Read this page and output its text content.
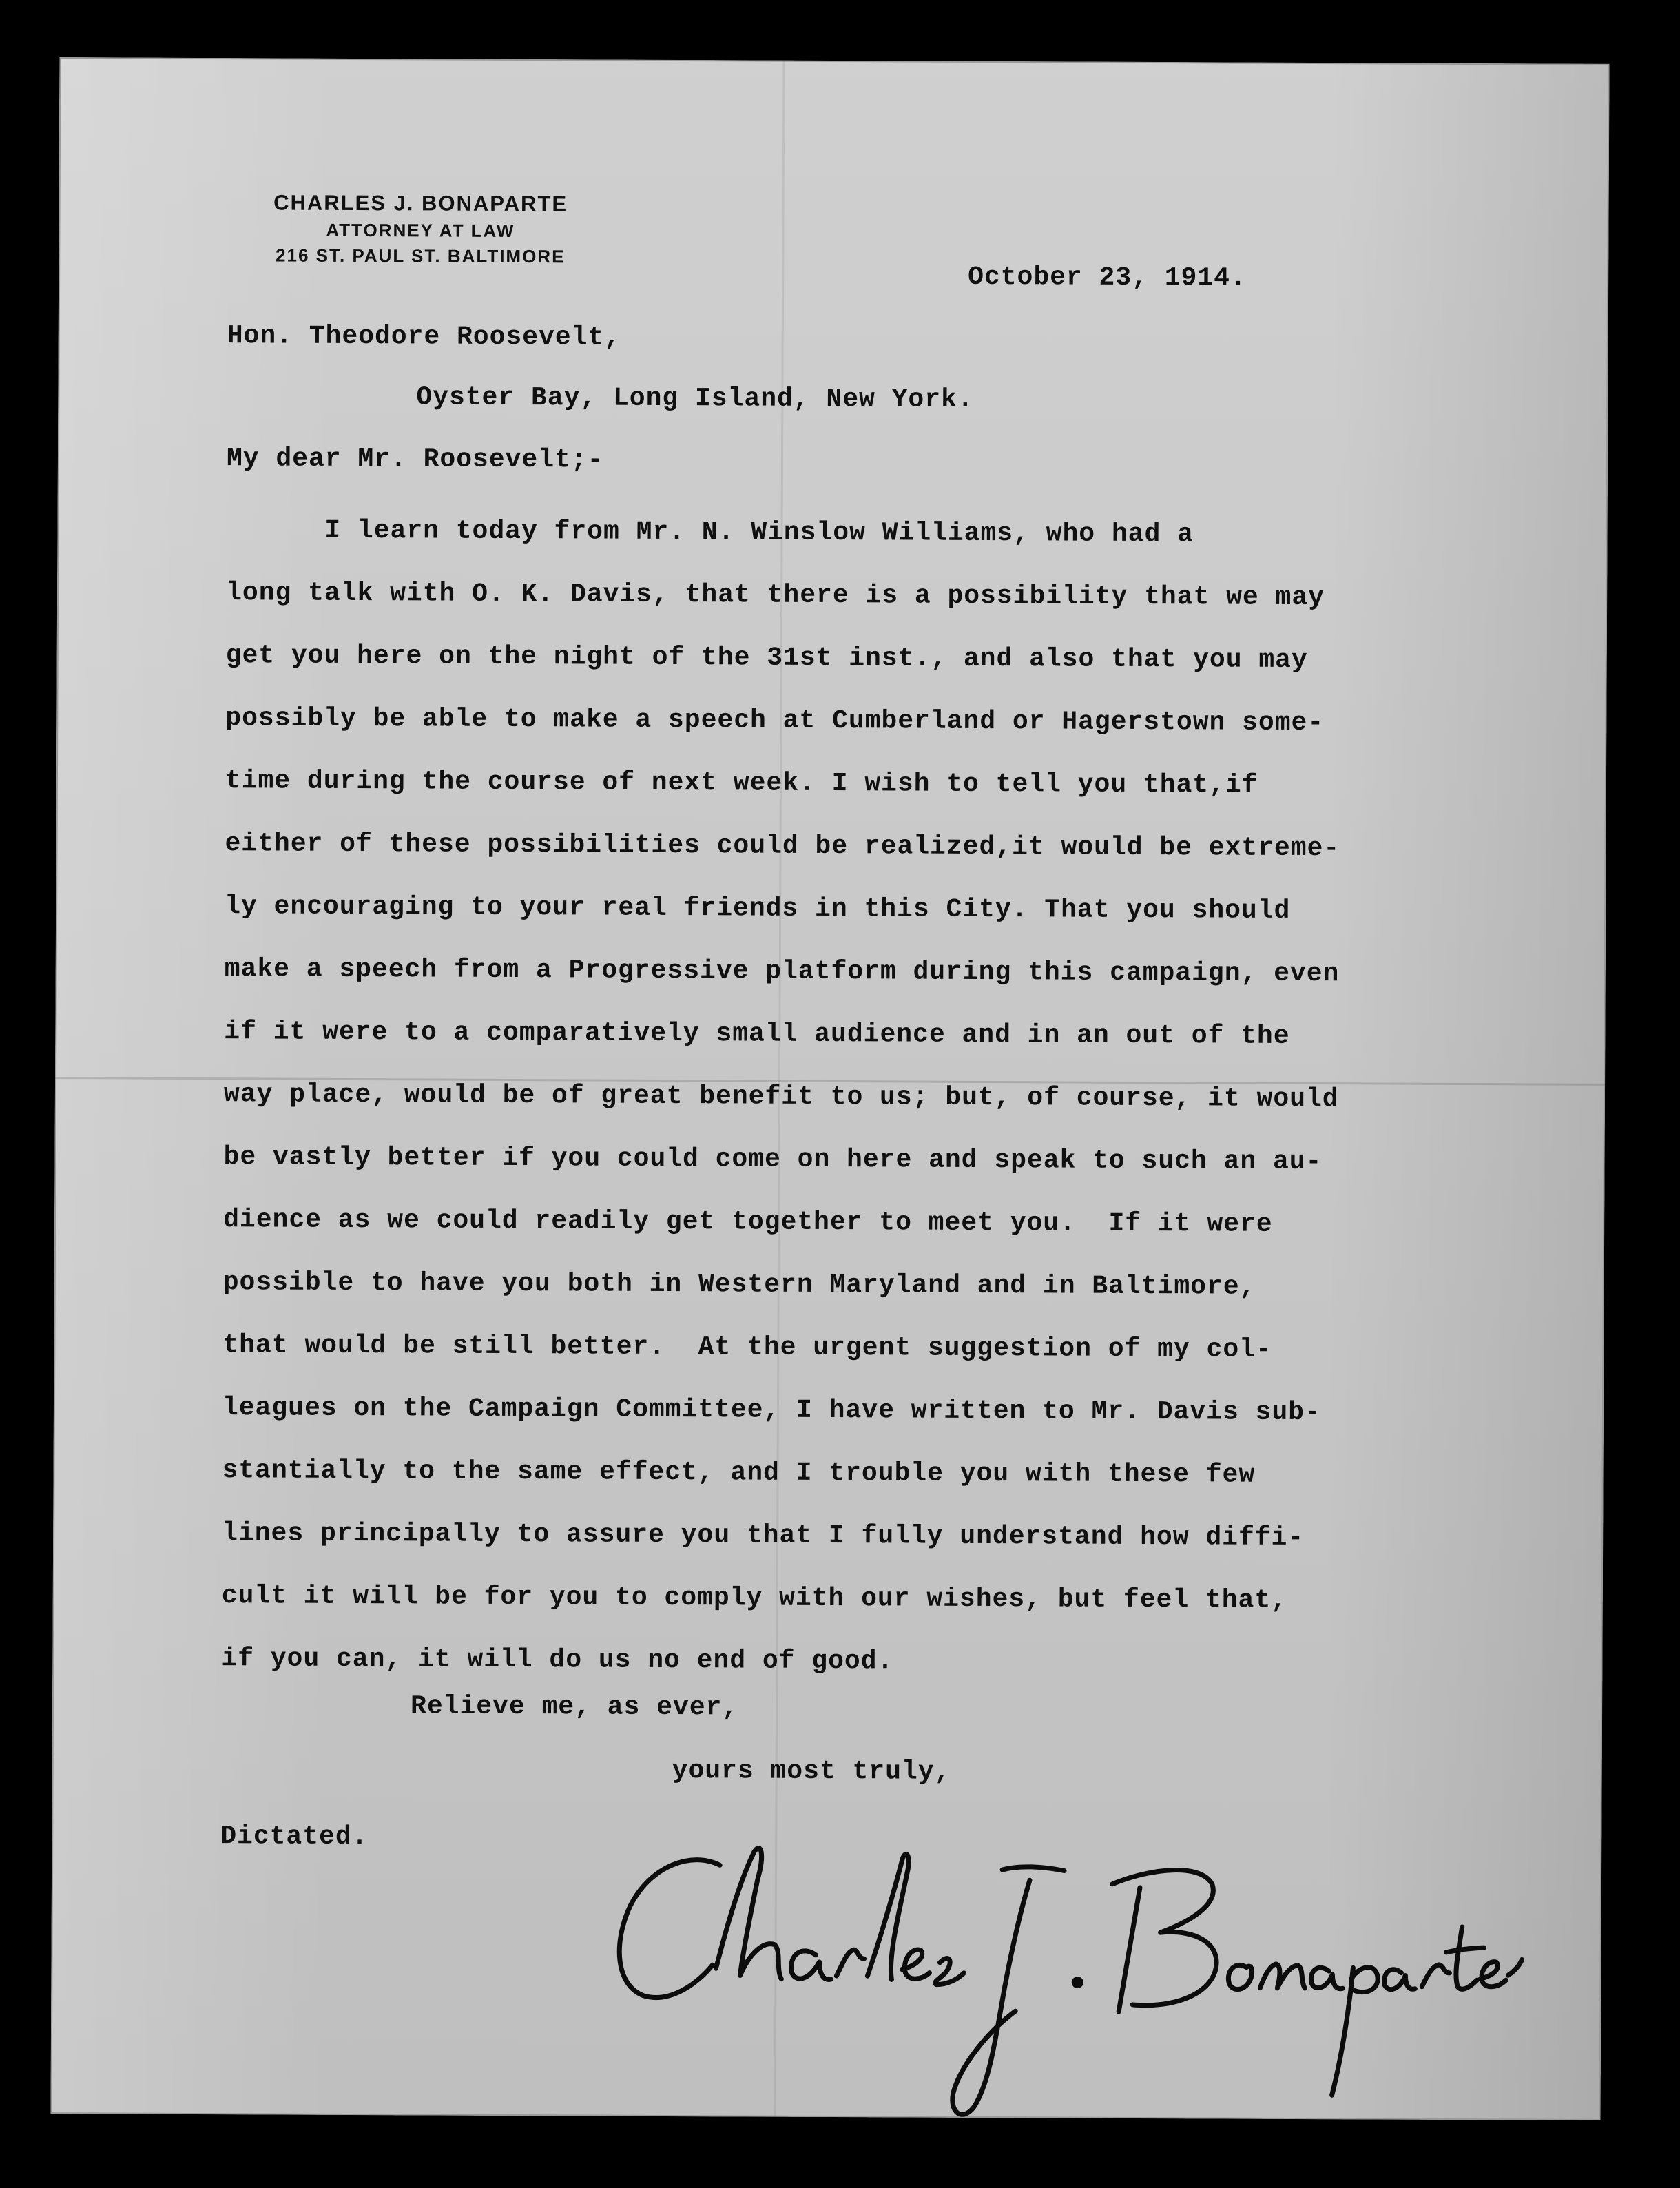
CHARLES J. BONAPARTE
ATTORNEY AT LAW
216 ST. PAUL ST. BALTIMORE
October 23, 1914.
Hon. Theodore Roosevelt,
Oyster Bay, Long Island, New York.
My dear Mr. Roosevelt;-
I learn today from Mr. N. Winslow Williams, who had a
long talk with O. K. Davis, that there is a possibility that we may
get you here on the night of the 31st inst., and also that you may
possibly be able to make a speech at Cumberland or Hagerstown some-
time during the course of next week. I wish to tell you that,if
either of these possibilities could be realized,it would be extreme-
ly encouraging to your real friends in this City. That you should
make a speech from a Progressive platform during this campaign, even
if it were to a comparatively small audience and in an out of the
way place, would be of great benefit to us; but, of course, it would
be vastly better if you could come on here and speak to such an au-
dience as we could readily get together to meet you.  If it were
possible to have you both in Western Maryland and in Baltimore,
that would be still better.  At the urgent suggestion of my col-
leagues on the Campaign Committee, I have written to Mr. Davis sub-
stantially to the same effect, and I trouble you with these few
lines principally to assure you that I fully understand how diffi-
cult it will be for you to comply with our wishes, but feel that,
if you can, it will do us no end of good.
Relieve me, as ever,
yours most truly,
Dictated.
